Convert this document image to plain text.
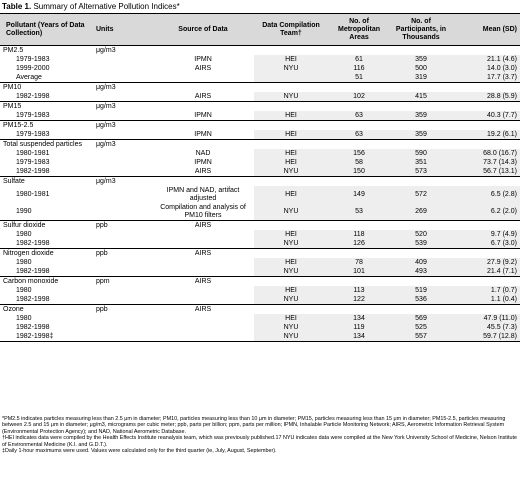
Table 1. Summary of Alternative Pollution Indices*
Pollutant (Years of Data Collection)	Units	Source of Data	Data Compilation Team†	No. of Metropolitan Areas	No. of Participants, in Thousands	Mean (SD)
PM2.5	μg/m3					
1979-1983		IPMN	HEI	61	359	21.1 (4.6)
1999-2000		AIRS	NYU	116	500	14.0 (3.0)
Average				51	319	17.7 (3.7)
PM10	μg/m3					
1982-1998		AIRS	NYU	102	415	28.8 (5.9)
PM15	μg/m3					
1979-1983		IPMN	HEI	63	359	40.3 (7.7)
PM15-2.5	μg/m3					
1979-1983		IPMN	HEI	63	359	19.2 (6.1)
Total suspended particles	μg/m3					
1980-1981		NAD	HEI	156	590	68.0 (16.7)
1979-1983		IPMN	HEI	58	351	73.7 (14.3)
1982-1998		AIRS	NYU	150	573	56.7 (13.1)
Sulfate	μg/m3					
1980-1981		IPMN and NAD, artifact adjusted	HEI	149	572	6.5 (2.8)
1990		Compilation and analysis of PM10 filters	NYU	53	269	6.2 (2.0)
Sulfur dioxide	ppb	AIRS				
1980			HEI	118	520	9.7 (4.9)
1982-1998			NYU	126	539	6.7 (3.0)
Nitrogen dioxide	ppb	AIRS				
1980			HEI	78	409	27.9 (9.2)
1982-1998			NYU	101	493	21.4 (7.1)
Carbon monoxide	ppm	AIRS				
1980			HEI	113	519	1.7 (0.7)
1982-1998			NYU	122	536	1.1 (0.4)
Ozone	ppb	AIRS				
1980			HEI	134	569	47.9 (11.0)
1982-1998			NYU	119	525	45.5 (7.3)
1982-1998‡			NYU	134	557	59.7 (12.8)

*PM2.5 indicates particles measuring less than 2.5 μm in diameter; PM10, particles measuring less than 10 μm in diameter; PM15, particles measuring less than 15 μm in diameter; PM15-2.5, particles measuring between 2.5 and 15 μm in diameter; μg/m3, micrograms per cubic meter; ppb, parts per billion; ppm, parts per million; IPMN, Inhalable Particle Monitoring Network; AIRS, Aerometric Information Retrieval System (Environmental Protection Agency); and NAD, National Aerometric Database.

†HEI indicates data were compiled by the Health Effects Institute reanalysis team, which was previously published.17 NYU indicates data were compiled at the New York University School of Medicine, Nelson Institute of Environmental Medicine (K.I. and G.D.T.).

‡Daily 1-hour maximums were used. Values were calculated only for the third quarter (ie, July, August, September).
